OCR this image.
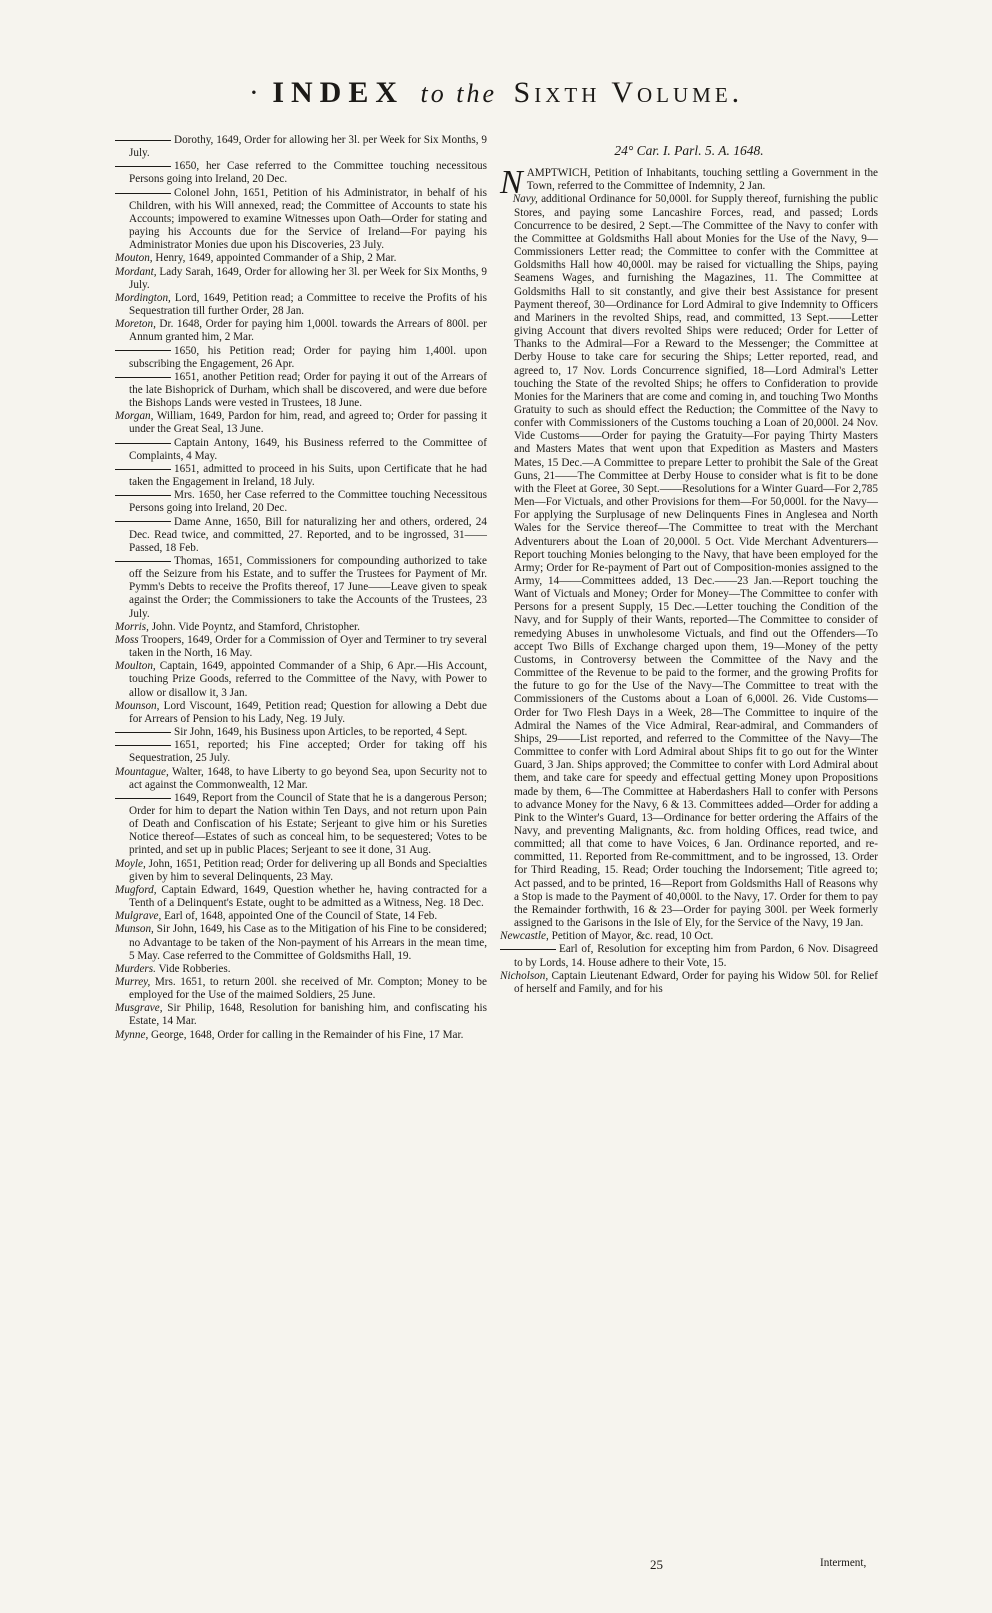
· INDEX to the Sixth Volume.
Dorothy, 1649, Order for allowing her 3l. per Week for Six Months, 9 July.
1650, her Case referred to the Committee touching necessitous Persons going into Ireland, 20 Dec.
Colonel John, 1651, Petition of his Administrator, in behalf of his Children, with his Will annexed, read; the Committee of Accounts to state his Accounts; impowered to examine Witnesses upon Oath—Order for stating and paying his Accounts due for the Service of Ireland—For paying his Administrator Monies due upon his Discoveries, 23 July.
Mouton, Henry, 1649, appointed Commander of a Ship, 2 Mar.
Mordant, Lady Sarah, 1649, Order for allowing her 3l. per Week for Six Months, 9 July.
Mordington, Lord, 1649, Petition read; a Committee to receive the Profits of his Sequestration till further Order, 28 Jan.
Moreton, Dr. 1648, Order for paying him 1,000l. towards the Arrears of 800l. per Annum granted him, 2 Mar.
1650, his Petition read; Order for paying him 1,400l. upon subscribing the Engagement, 26 Apr.
1651, another Petition read; Order for paying it out of the Arrears of the late Bishoprick of Durham, which shall be discovered, and were due before the Bishops Lands were vested in Trustees, 18 June.
Morgan, William, 1649, Pardon for him, read, and agreed to; Order for passing it under the Great Seal, 13 June.
Captain Antony, 1649, his Business referred to the Committee of Complaints, 4 May.
1651, admitted to proceed in his Suits, upon Certificate that he had taken the Engagement in Ireland, 18 July.
Mrs. 1650, her Case referred to the Committee touching Necessitous Persons going into Ireland, 20 Dec.
Dame Anne, 1650, Bill for naturalizing her and others, ordered, 24 Dec. Read twice, and committed, 27. Reported, and to be ingrossed, 31——Passed, 18 Feb.
Thomas, 1651, Commissioners for compounding authorized to take off the Seizure from his Estate, and to suffer the Trustees for Payment of Mr. Pymm's Debts to receive the Profits thereof, 17 June——Leave given to speak against the Order; the Commissioners to take the Accounts of the Trustees, 23 July.
Morris, John. Vide Poyntz, and Stamford, Christopher.
Moss Troopers, 1649, Order for a Commission of Oyer and Terminer to try several taken in the North, 16 May.
Moulton, Captain, 1649, appointed Commander of a Ship, 6 Apr.—His Account, touching Prize Goods, referred to the Committee of the Navy, with Power to allow or disallow it, 3 Jan.
Mounson, Lord Viscount, 1649, Petition read; Question for allowing a Debt due for Arrears of Pension to his Lady, Neg. 19 July.
Sir John, 1649, his Business upon Articles, to be reported, 4 Sept.
1651, reported; his Fine accepted; Order for taking off his Sequestration, 25 July.
Mountague, Walter, 1648, to have Liberty to go beyond Sea, upon Security not to act against the Commonwealth, 12 Mar.
1649, Report from the Council of State that he is a dangerous Person; Order for him to depart the Nation within Ten Days, and not return upon Pain of Death and Confiscation of his Estate; Serjeant to give him or his Sureties Notice thereof—Estates of such as conceal him, to be sequestered; Votes to be printed, and set up in public Places; Serjeant to see it done, 31 Aug.
Moyle, John, 1651, Petition read; Order for delivering up all Bonds and Specialties given by him to several Delinquents, 23 May.
Mugford, Captain Edward, 1649, Question whether he, having contracted for a Tenth of a Delinquent's Estate, ought to be admitted as a Witness, Neg. 18 Dec.
Mulgrave, Earl of, 1648, appointed One of the Council of State, 14 Feb.
Munson, Sir John, 1649, his Case as to the Mitigation of his Fine to be considered; no Advantage to be taken of the Non-payment of his Arrears in the mean time, 5 May. Case referred to the Committee of Goldsmiths Hall, 19.
Murders. Vide Robberies.
Murrey, Mrs. 1651, to return 200l. she received of Mr. Compton; Money to be employed for the Use of the maimed Soldiers, 25 June.
Musgrave, Sir Philip, 1648, Resolution for banishing him, and confiscating his Estate, 14 Mar.
Mynne, George, 1648, Order for calling in the Remainder of his Fine, 17 Mar.
24° Car. I. Parl. 5. A. 1648.
NAMPTWICH, Petition of Inhabitants, touching settling a Government in the Town, referred to the Committee of Indemnity, 2 Jan.
Navy, additional Ordinance for 50,000l. for Supply thereof, furnishing the public Stores, and paying some Lancashire Forces, read, and passed; Lords Concurrence to be desired, 2 Sept.—The Committee of the Navy to confer with the Committee at Goldsmiths Hall about Monies for the Use of the Navy, 9—Commissioners Letter read; the Committee to confer with the Committee at Goldsmiths Hall how 40,000l. may be raised for victualling the Ships, paying Seamens Wages, and furnishing the Magazines, 11. The Committee at Goldsmiths Hall to sit constantly, and give their best Assistance for present Payment thereof, 30—Ordinance for Lord Admiral to give Indemnity to Officers and Mariners in the revolted Ships, read, and committed, 13 Sept.——Letter giving Account that divers revolted Ships were reduced; Order for Letter of Thanks to the Admiral—For a Reward to the Messenger; the Committee at Derby House to take care for securing the Ships; Letter reported, read, and agreed to, 17 Nov. Lords Concurrence signified, 18—Lord Admiral's Letter touching the State of the revolted Ships; he offers to Confideration to provide Monies for the Mariners that are come and coming in, and touching Two Months Gratuity to such as should effect the Reduction; the Committee of the Navy to confer with Commissioners of the Customs touching a Loan of 20,000l. 24 Nov. Vide Customs——Order for paying the Gratuity—For paying Thirty Masters and Masters Mates that went upon that Expedition as Masters and Masters Mates, 15 Dec.—A Committee to prepare Letter to prohibit the Sale of the Great Guns, 21——The Committee at Derby House to consider what is fit to be done with the Fleet at Goree, 30 Sept.——Resolutions for a Winter Guard—For 2,785 Men—For Victuals, and other Provisions for them—For 50,000l. for the Navy—For applying the Surplusage of new Delinquents Fines in Anglesea and North Wales for the Service thereof—The Committee to treat with the Merchant Adventurers about the Loan of 20,000l. 5 Oct. Vide Merchant Adventurers—Report touching Monies belonging to the Navy, that have been employed for the Army; Order for Re-payment of Part out of Composition-monies assigned to the Army, 14——Committees added, 13 Dec.——23 Jan.—Report touching the Want of Victuals and Money; Order for Money—The Committee to confer with Persons for a present Supply, 15 Dec.—Letter touching the Condition of the Navy, and for Supply of their Wants, reported—The Committee to consider of remedying Abuses in unwholesome Victuals, and find out the Offenders—To accept Two Bills of Exchange charged upon them, 19—Money of the petty Customs, in Controversy between the Committee of the Navy and the Committee of the Revenue to be paid to the former, and the growing Profits for the future to go for the Use of the Navy—The Committee to treat with the Commissioners of the Customs about a Loan of 6,000l. 26. Vide Customs—Order for Two Flesh Days in a Week, 28—The Committee to inquire of the Admiral the Names of the Vice Admiral, Rear-admiral, and Commanders of Ships, 29——List reported, and referred to the Committee of the Navy—The Committee to confer with Lord Admiral about Ships fit to go out for the Winter Guard, 3 Jan. Ships approved; the Committee to confer with Lord Admiral about them, and take care for speedy and effectual getting Money upon Propositions made by them, 6—The Committee at Haberdashers Hall to confer with Persons to advance Money for the Navy, 6 & 13. Committees added—Order for adding a Pink to the Winter's Guard, 13—Ordinance for better ordering the Affairs of the Navy, and preventing Malignants, &c. from holding Offices, read twice, and committed; all that come to have Voices, 6 Jan. Ordinance reported, and re-committed, 11. Reported from Re-committment, and to be ingrossed, 13. Order for Third Reading, 15. Read; Order touching the Indorsement; Title agreed to; Act passed, and to be printed, 16—Report from Goldsmiths Hall of Reasons why a Stop is made to the Payment of 40,000l. to the Navy, 17. Order for them to pay the Remainder forthwith, 16 & 23—Order for paying 300l. per Week formerly assigned to the Garisons in the Isle of Ely, for the Service of the Navy, 19 Jan.
Newcastle, Petition of Mayor, &c. read, 10 Oct.
Earl of, Resolution for excepting him from Pardon, 6 Nov. Disagreed to by Lords, 14. House adhere to their Vote, 15.
Nicholson, Captain Lieutenant Edward, Order for paying his Widow 50l. for Relief of herself and Family, and for his
25	Interment,
